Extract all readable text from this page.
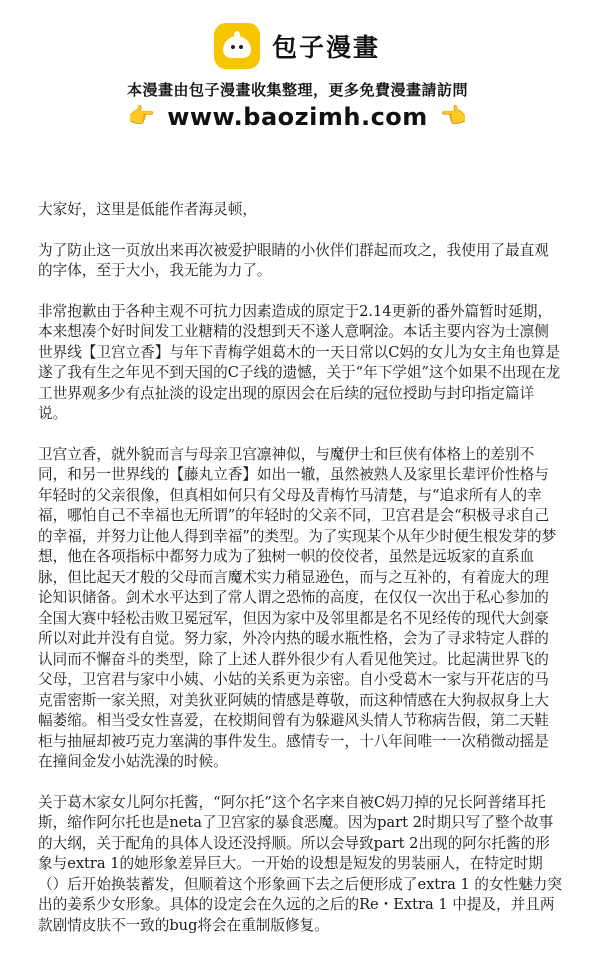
包子漫畫
本漫畫由包子漫畫收集整理，更多免費漫畫請訪問
👉 www.baozimh.com 👈

大家好，这里是低能作者海灵顿，

为了防止这一页放出来再次被爱护眼睛的小伙伴们群起而攻之，我使用了最直观的字体，至于大小，我无能为力了。

非常抱歉由于各种主观不可抗力因素造成的原定于2.14更新的番外篇暂时延期，本来想凑个好时间发工业糖精的没想到天不遂人意啊淦。本话主要内容为士凛侧世界线【卫宫立香】与年下青梅学姐葛木的一天日常以C妈的女儿为女主角也算是遂了我有生之年见不到天国的C子线的遗憾，关于“年下学姐”这个如果不出现在龙工世界观多少有点扯淡的设定出现的原因会在后续的冠位授助与封印指定篇详说。

卫宫立香，就外貌而言与母亲卫宫凛神似，与魔伊士和巨侠有体格上的差别不同，和另一世界线的【藤丸立香】如出一辙，虽然被熟人及家里长辈评价性格与年轻时的父亲很像，但真相如何只有父母及青梅竹马清楚，与“追求所有人的幸福，哪怕自己不幸福也无所谓”的年轻时的父亲不同，卫宫君是会“积极寻求自己的幸福，并努力让他人得到幸福”的类型。为了实现某个从年少时便生根发芽的梦想，他在各项指标中都努力成为了独树一帜的佼佼者，虽然是远坂家的直系血脉，但比起天才般的父母而言魔术实力稍显逊色，而与之互补的，有着庞大的理论知识储备。剑术水平达到了常人谓之恐怖的高度，在仅仅一次出于私心参加的全国大赛中轻松击败卫冕冠军，但因为家中及邻里都是名不见经传的现代大剑豪所以对此并没有自觉。努力家，外冷内热的暖水瓶性格，会为了寻求特定人群的认同而不懈奋斗的类型，除了上述人群外很少有人看见他笑过。比起满世界飞的父母，卫宫君与家中小姨、小姑的关系更为亲密。自小受葛木一家与开花店的马克雷密斯一家关照，对美狄亚阿姨的情感是尊敬，而这种情感在大狗叔叔身上大幅萎缩。相当受女性喜爱，在校期间曾有为躲避风头情人节称病告假，第二天鞋柜与抽屉却被巧克力塞满的事件发生。感情专一，十八年间唯一一次稍微动摇是在撞间金发小姑洗澡的时候。

关于葛木家女儿阿尔托酱，“阿尔托”这个名字来自被C妈刀掉的兄长阿普绪耳托斯，缩作阿尔托也是neta了卫宫家的暴食恶魔。因为part 2时期只写了整个故事的大纲，关于配角的具体人设还没捋顺。所以会导致part 2出现的阿尔托酱的形象与extra 1的她形象差异巨大。一开始的设想是短发的男装丽人，在特定时期（）后开始换装蓄发，但顺着这个形象画下去之后便形成了extra 1 的女性魅力突出的姜系少女形象。具体的设定会在久远的之后的Re・Extra 1 中提及，并且两款剧情皮肤不一致的bug将会在重制版修复。
